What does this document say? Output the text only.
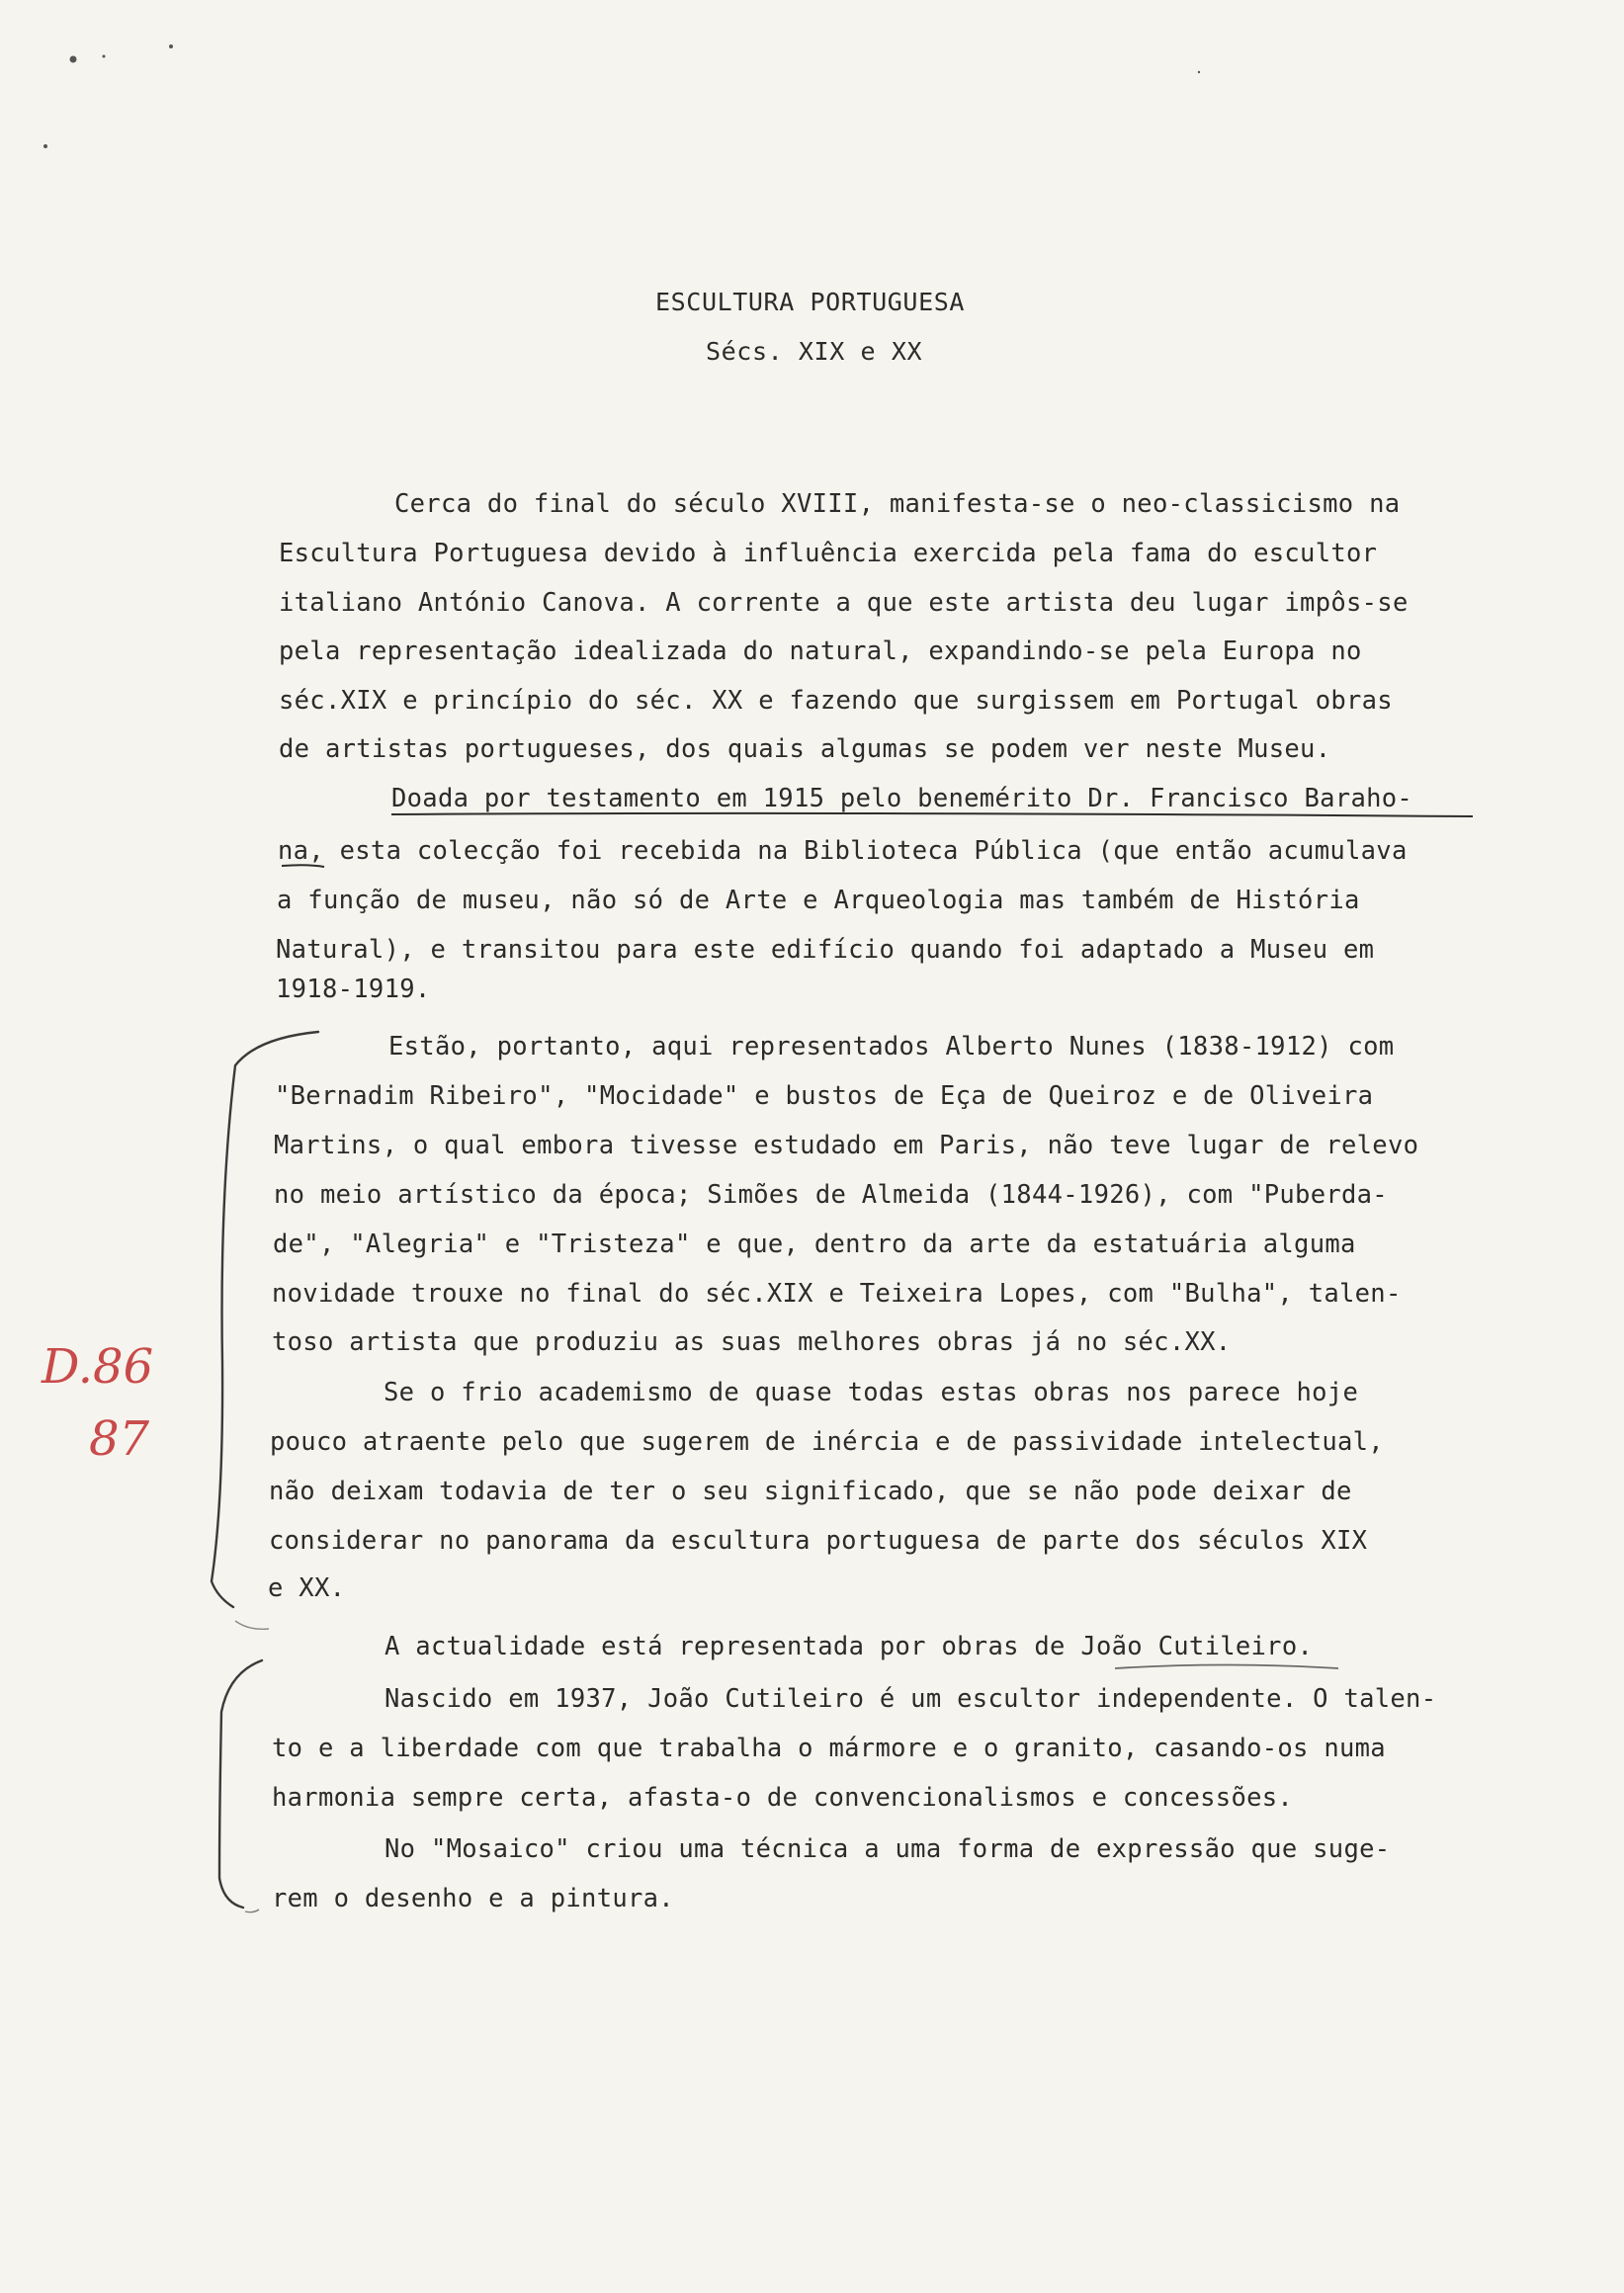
ESCULTURA PORTUGUESA

Sécs. XIX e XX

Cerca do final do século XVIII, manifesta-se o neo-classicismo na

Escultura Portuguesa devido à influência exercida pela fama do escultor

italiano António Canova. A corrente a que este artista deu lugar impôs-se

pela representação idealizada do natural, expandindo-se pela Europa no

séc.XIX e princípio do séc. XX e fazendo que surgissem em Portugal obras

de artistas portugueses, dos quais algumas se podem ver neste Museu.

Doada por testamento em 1915 pelo benemérito Dr. Francisco Baraho-

na, esta colecção foi recebida na Biblioteca Pública (que então acumulava

a função de museu, não só de Arte e Arqueologia mas também de História

Natural), e transitou para este edifício quando foi adaptado a Museu em

1918-1919.

Estão, portanto, aqui representados Alberto Nunes (1838-1912) com

"Bernadim Ribeiro", "Mocidade" e bustos de Eça de Queiroz e de Oliveira

Martins, o qual embora tivesse estudado em Paris, não teve lugar de relevo

no meio artístico da época; Simões de Almeida (1844-1926), com "Puberda-

de", "Alegria" e "Tristeza" e que, dentro da arte da estatuária alguma

novidade trouxe no final do séc.XIX e Teixeira Lopes, com "Bulha", talen-

toso artista que produziu as suas melhores obras já no séc.XX.

Se o frio academismo de quase todas estas obras nos parece hoje

pouco atraente pelo que sugerem de inércia e de passividade intelectual,

não deixam todavia de ter o seu significado, que se não pode deixar de

considerar no panorama da escultura portuguesa de parte dos séculos XIX

e XX.

A actualidade está representada por obras de João Cutileiro.

Nascido em 1937, João Cutileiro é um escultor independente. O talen-

to e a liberdade com que trabalha o mármore e o granito, casando-os numa

harmonia sempre certa, afasta-o de convencionalismos e concessões.

No "Mosaico" criou uma técnica a uma forma de expressão que suge-

rem o desenho e a pintura.

D.86

87
